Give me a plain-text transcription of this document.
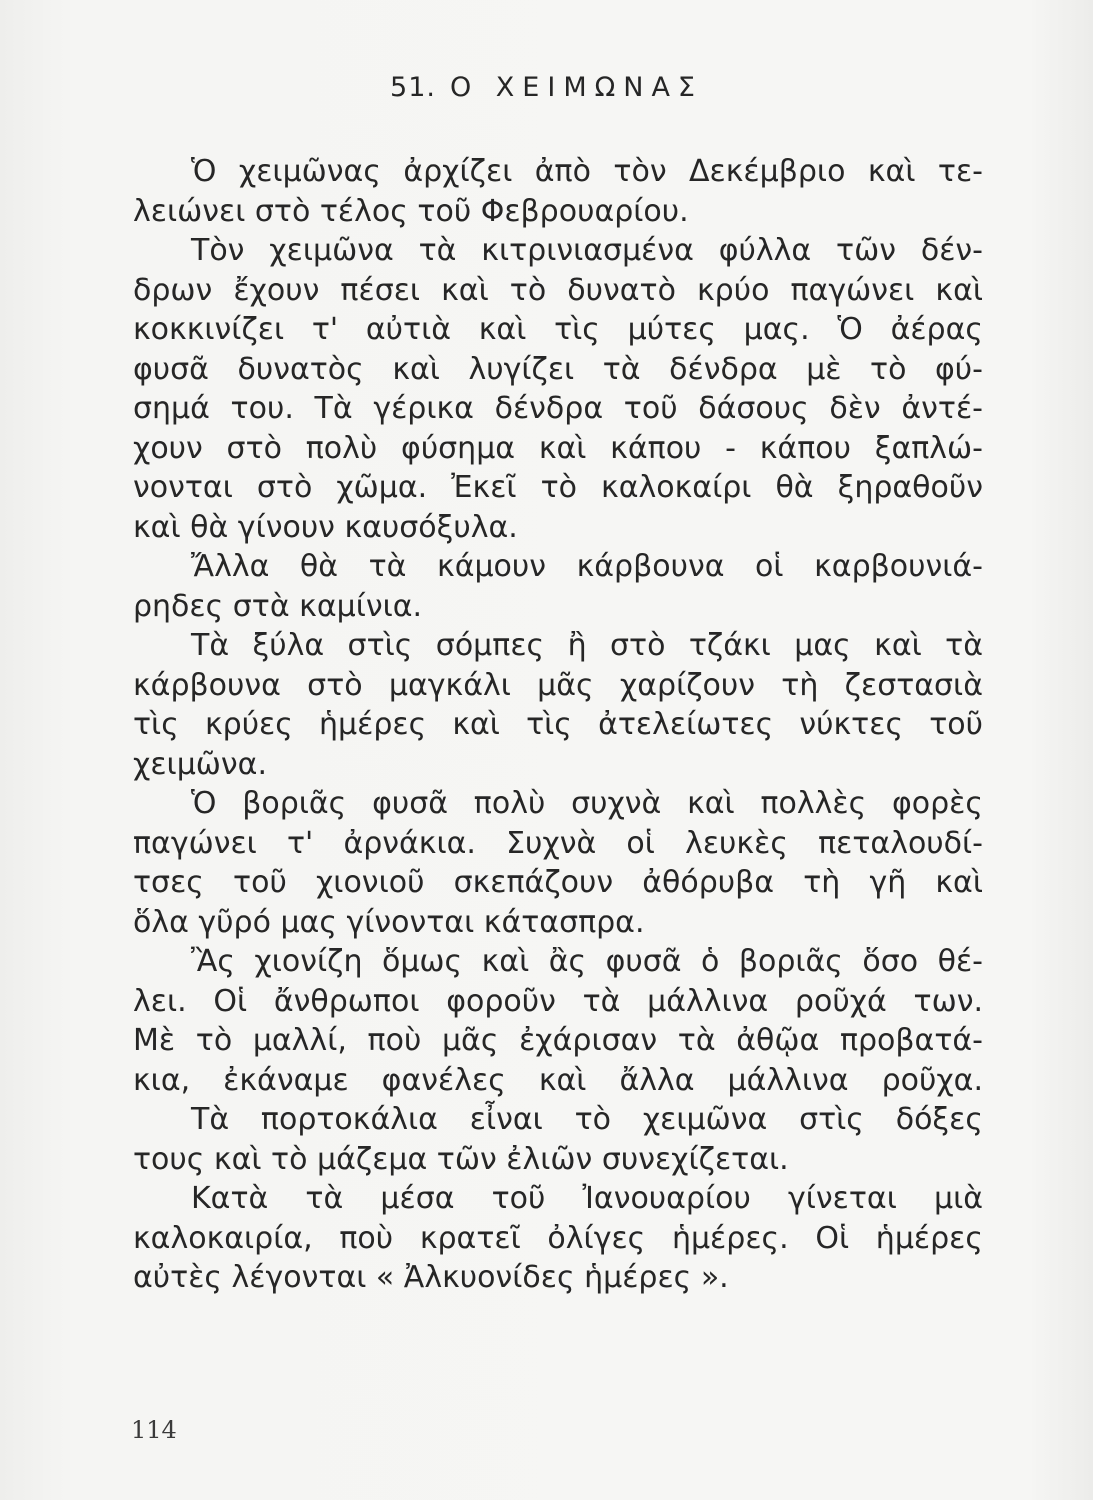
51. Ο ΧΕΙΜΩΝΑΣ
Ὁ χειμῶνας ἀρχίζει ἀπὸ τὸν Δεκέμβριο καὶ τε-
λειώνει στὸ τέλος τοῦ Φεβρουαρίου.
Τὸν χειμῶνα τὰ κιτρινιασμένα φύλλα τῶν δέν-
δρων ἔχουν πέσει καὶ τὸ δυνατὸ κρύο παγώνει καὶ
κοκκινίζει τ' αὐτιὰ καὶ τὶς μύτες μας. Ὁ ἀέρας
φυσᾶ δυνατὸς καὶ λυγίζει τὰ δένδρα μὲ τὸ φύ-
σημά του. Τὰ γέρικα δένδρα τοῦ δάσους δὲν ἀντέ-
χουν στὸ πολὺ φύσημα καὶ κάπου - κάπου ξαπλώ-
νονται στὸ χῶμα. Ἐκεῖ τὸ καλοκαίρι θὰ ξηραθοῦν
καὶ θὰ γίνουν καυσόξυλα.
Ἄλλα θὰ τὰ κάμουν κάρβουνα οἱ καρβουνιά-
ρηδες στὰ καμίνια.
Τὰ ξύλα στὶς σόμπες ἢ στὸ τζάκι μας καὶ τὰ
κάρβουνα στὸ μαγκάλι μᾶς χαρίζουν τὴ ζεστασιὰ
τὶς κρύες ἡμέρες καὶ τὶς ἀτελείωτες νύκτες τοῦ
χειμῶνα.
Ὁ βοριᾶς φυσᾶ πολὺ συχνὰ καὶ πολλὲς φορὲς
παγώνει τ' ἀρνάκια. Συχνὰ οἱ λευκὲς πεταλουδί-
τσες τοῦ χιονιοῦ σκεπάζουν ἀθόρυβα τὴ γῆ καὶ
ὅλα γῦρό μας γίνονται κάτασπρα.
Ἂς χιονίζη ὅμως καὶ ἂς φυσᾶ ὁ βοριᾶς ὅσο θέ-
λει. Οἱ ἄνθρωποι φοροῦν τὰ μάλλινα ροῦχά των.
Μὲ τὸ μαλλί, ποὺ μᾶς ἐχάρισαν τὰ ἀθῷα προβατά-
κια, ἐκάναμε φανέλες καὶ ἄλλα μάλλινα ροῦχα.
Τὰ πορτοκάλια εἶναι τὸ χειμῶνα στὶς δόξες
τους καὶ τὸ μάζεμα τῶν ἐλιῶν συνεχίζεται.
Κατὰ τὰ μέσα τοῦ Ἰανουαρίου γίνεται μιὰ
καλοκαιρία, ποὺ κρατεῖ ὀλίγες ἡμέρες. Οἱ ἡμέρες
αὐτὲς λέγονται « Ἀλκυονίδες ἡμέρες ».
114
